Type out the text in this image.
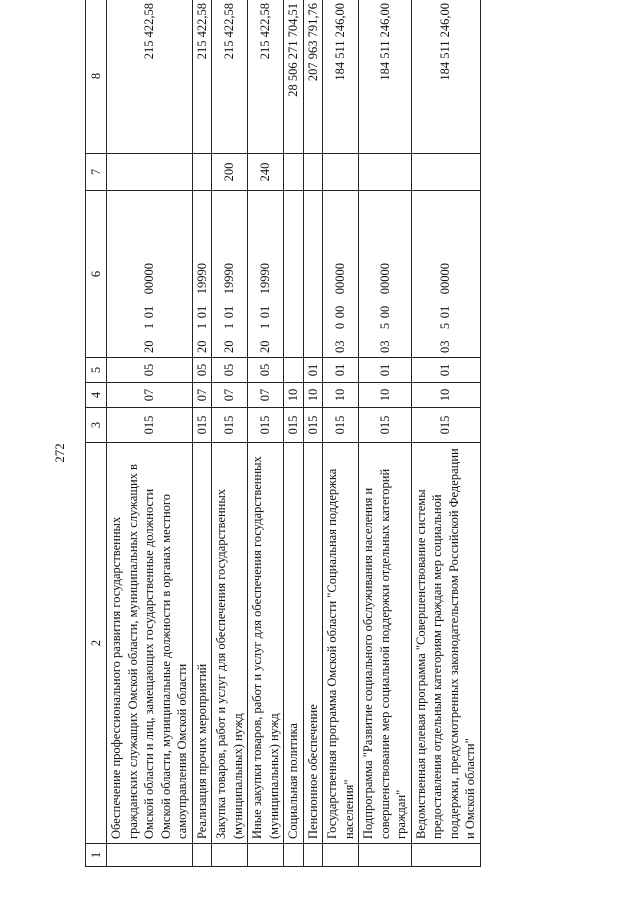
272
1	2	3	4	5	6	7	8
	Обеспечение профессионального развития государственных гражданских служащих Омской области, муниципальных служащих в Омской области и лиц, замещающих государственные должности Омской области, муниципальные должности в органах местного самоуправления Омской области	015	07	05	2010100000		215 422,58
	Реализация прочих мероприятий	015	07	05	2010119990		215 422,58
	Закупка товаров, работ и услуг для обеспечения государственных (муниципальных) нужд	015	07	05	2010119990	200	215 422,58
	Иные закупки товаров, работ и услуг для обеспечения государственных (муниципальных) нужд	015	07	05	2010119990	240	215 422,58
	Социальная политика	015	10				28 506 271 704,51
	Пенсионное обеспечение	015	10	01			207 963 791,76
	Государственная программа Омской области "Социальная поддержка населения"	015	10	01	0300000000		184 511 246,00
	Подпрограмма "Развитие социального обслуживания населения и совершенствование мер социальной поддержки отдельных категорий граждан"	015	10	01	0350000000		184 511 246,00
	Ведомственная целевая программа "Совершенствование системы предоставления отдельным категориям граждан мер социальной поддержки, предусмотренных законодательством Российской Федерации и Омской области"	015	10	01	0350100000		184 511 246,00
